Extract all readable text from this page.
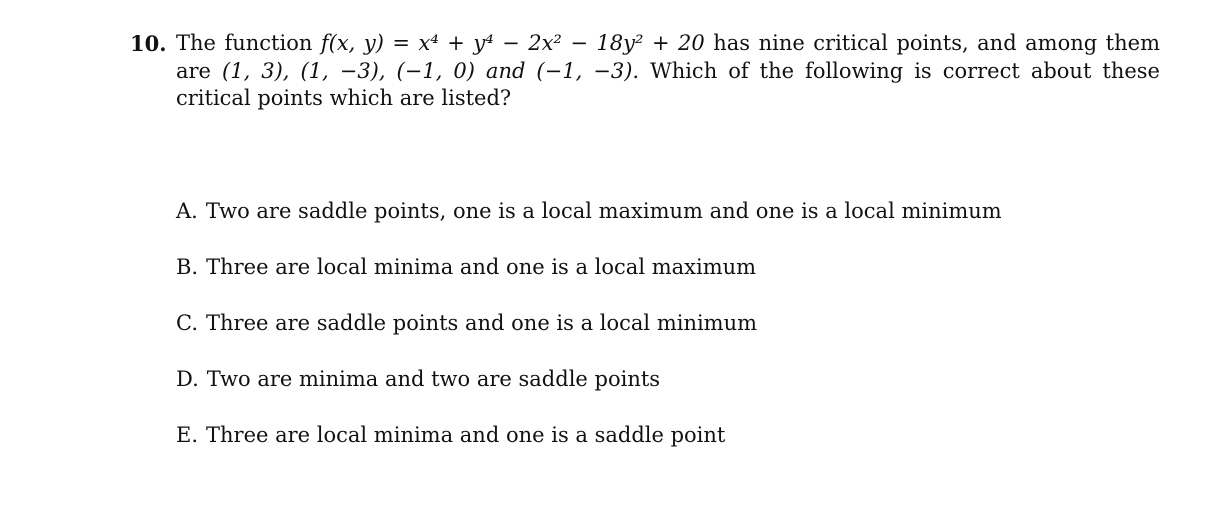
10. The function f(x, y) = x⁴ + y⁴ − 2x² − 18y² + 20 has nine critical points, and among them are (1, 3), (1, −3), (−1, 0) and (−1, −3). Which of the following is correct about these critical points which are listed?
A. Two are saddle points, one is a local maximum and one is a local minimum
B. Three are local minima and one is a local maximum
C. Three are saddle points and one is a local minimum
D. Two are minima and two are saddle points
E. Three are local minima and one is a saddle point
